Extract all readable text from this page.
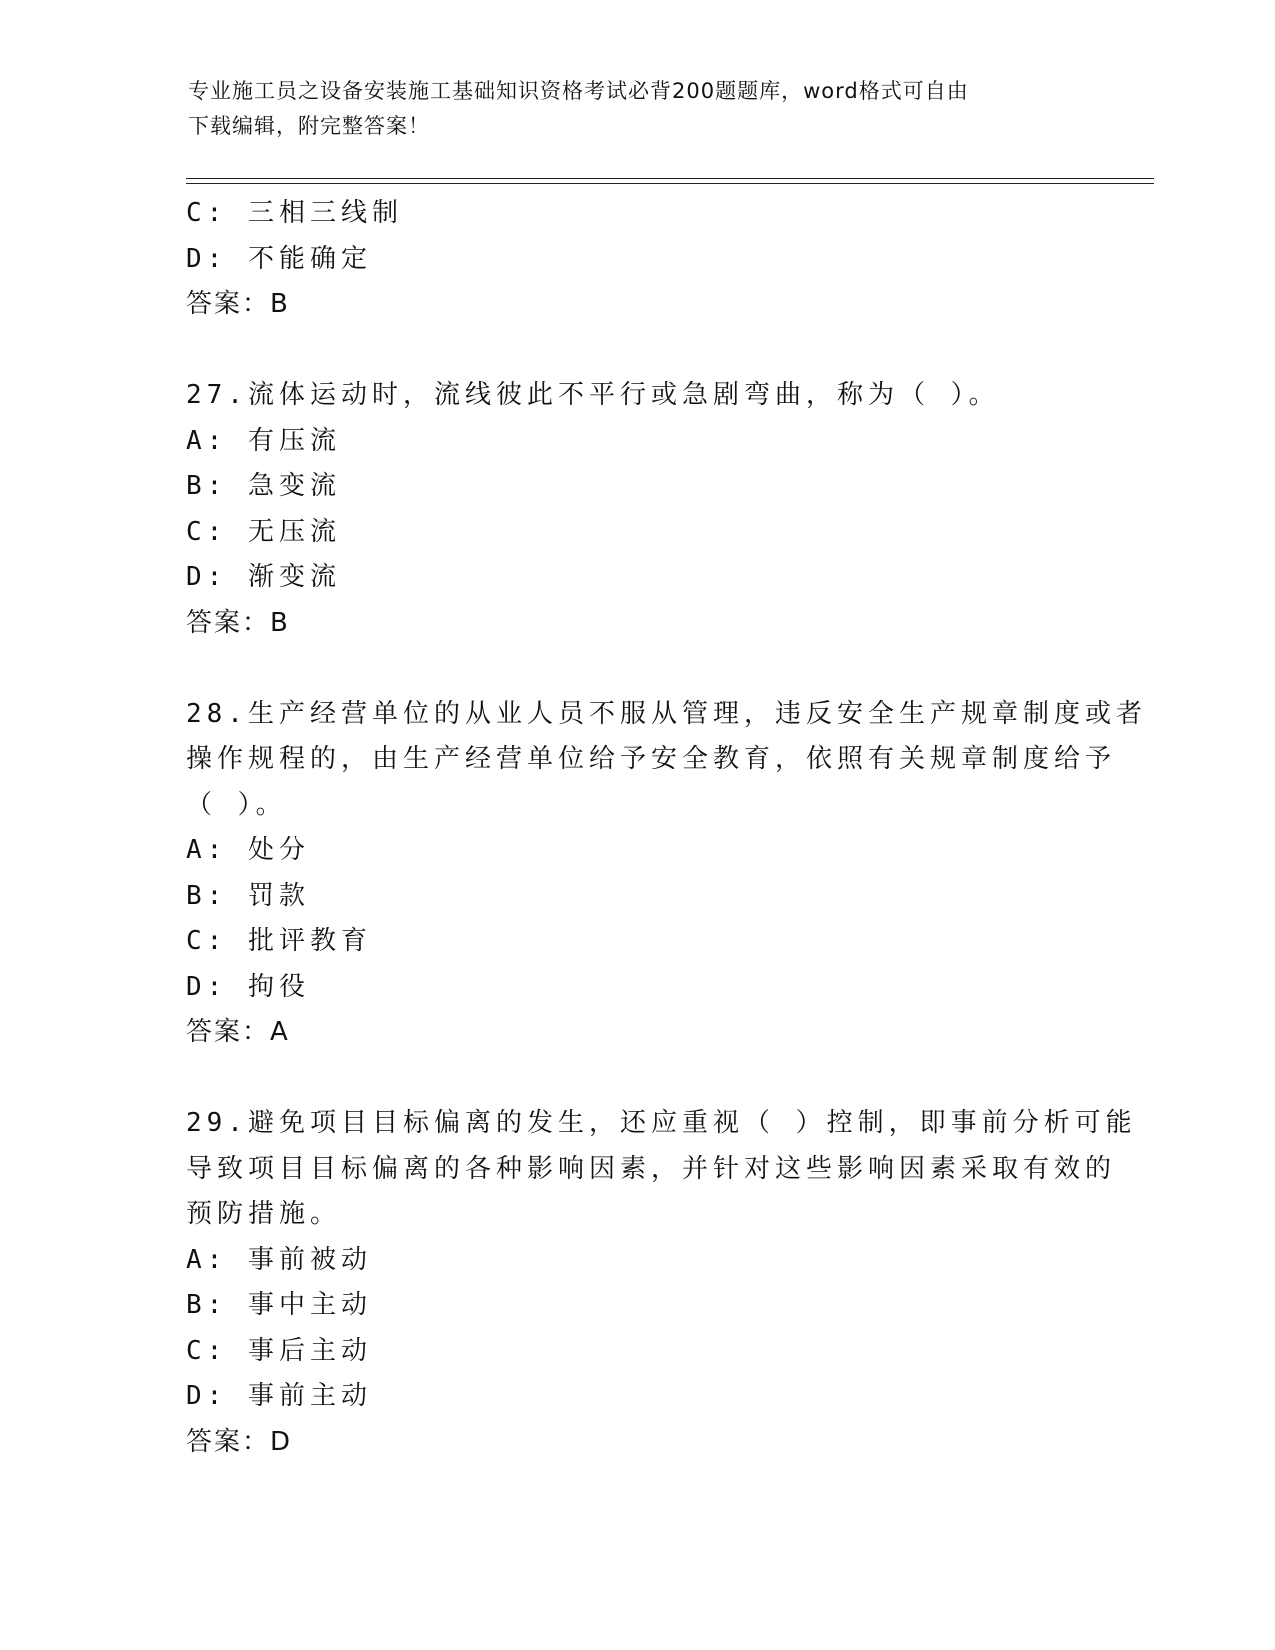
专业施工员之设备安装施工基础知识资格考试必背200题题库，word格式可自由
下载编辑，附完整答案！
C: 三相三线制
D: 不能确定
答案：B
27.流体运动时，流线彼此不平行或急剧弯曲，称为（ ）。
A: 有压流
B: 急变流
C: 无压流
D: 渐变流
答案：B
28.生产经营单位的从业人员不服从管理，违反安全生产规章制度或者
操作规程的，由生产经营单位给予安全教育，依照有关规章制度给予
（ ）。
A: 处分
B: 罚款
C: 批评教育
D: 拘役
答案：A
29.避免项目目标偏离的发生，还应重视（ ）控制，即事前分析可能
导致项目目标偏离的各种影响因素，并针对这些影响因素采取有效的
预防措施。
A: 事前被动
B: 事中主动
C: 事后主动
D: 事前主动
答案：D
